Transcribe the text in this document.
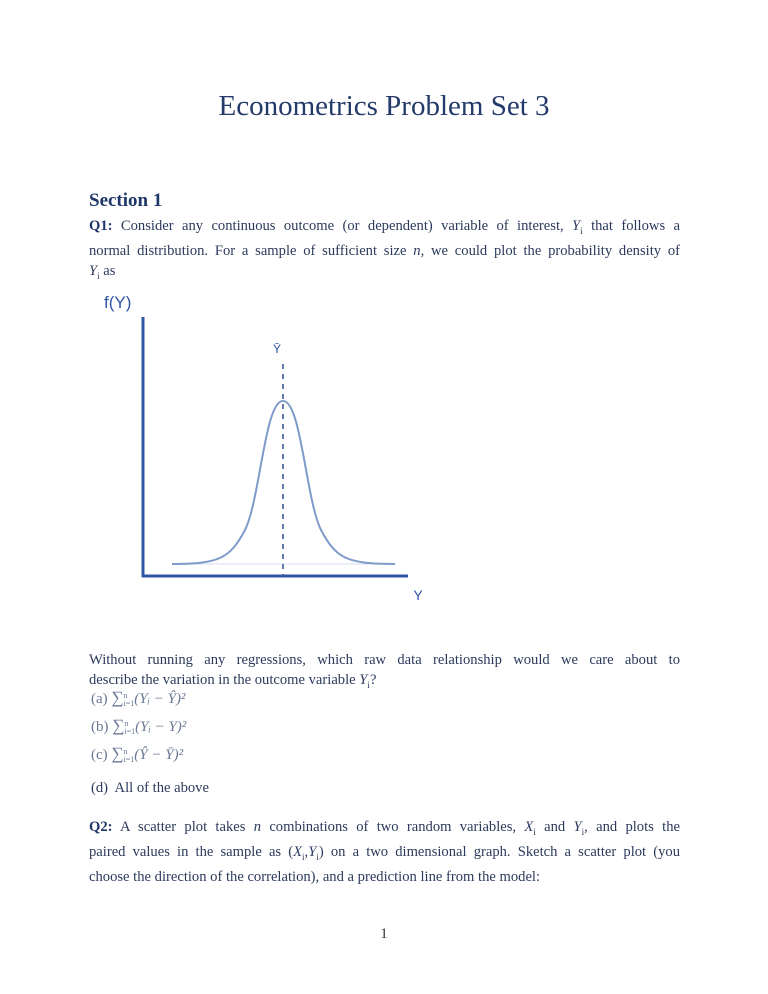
Econometrics Problem Set 3
Section 1
Q1: Consider any continuous outcome (or dependent) variable of interest, $Y_i$ that follows a
normal distribution. For a sample of sufficient size n, we could plot the probability density of
$Y_i$ as
f(Y)
Ȳ
Y
Without running any regressions, which raw data relationship would we care about to
describe the variation in the outcome variable $Y_i$?
(a) ∑n
i=1(Yᵢ − Ŷ)²
(b) ∑n
i=1(Yᵢ − Y)²
(c) ∑n
i=1(Ŷ − Ȳ)²
(d) All of the above
Q2: A scatter plot takes n combinations of two random variables, $X_i$ and $Y_i$, and plots the
paired values in the sample as $(X_i,Y_i)$ on a two dimensional graph. Sketch a scatter plot (you
choose the direction of the correlation), and a prediction line from the model:
1
